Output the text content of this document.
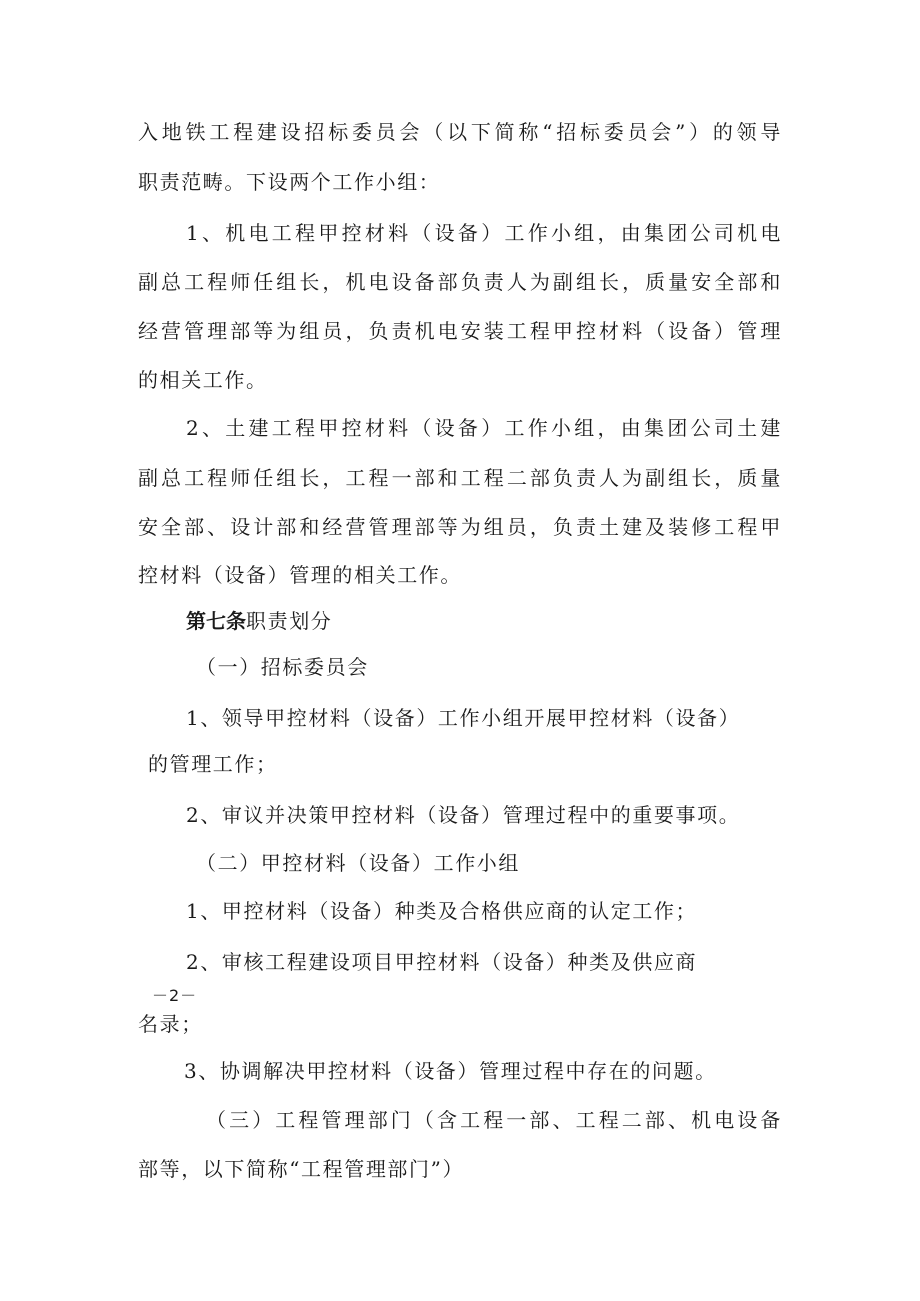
入地铁工程建设招标委员会（以下简称“招标委员会”）的领导
职责范畴。下设两个工作小组：
1、机电工程甲控材料（设备）工作小组，由集团公司机电
副总工程师任组长，机电设备部负责人为副组长，质量安全部和
经营管理部等为组员，负责机电安装工程甲控材料（设备）管理
的相关工作。
2、土建工程甲控材料（设备）工作小组，由集团公司土建
副总工程师任组长，工程一部和工程二部负责人为副组长，质量
安全部、设计部和经营管理部等为组员，负责土建及装修工程甲
控材料（设备）管理的相关工作。
第七条职责划分
（一）招标委员会
1、领导甲控材料（设备）工作小组开展甲控材料（设备）
的管理工作；
2、审议并决策甲控材料（设备）管理过程中的重要事项。
（二）甲控材料（设备）工作小组
1、甲控材料（设备）种类及合格供应商的认定工作；
2、审核工程建设项目甲控材料（设备）种类及供应商
－2－
名录；
3、协调解决甲控材料（设备）管理过程中存在的问题。
（三）工程管理部门（含工程一部、工程二部、机电设备
部等，以下简称“工程管理部门”）
